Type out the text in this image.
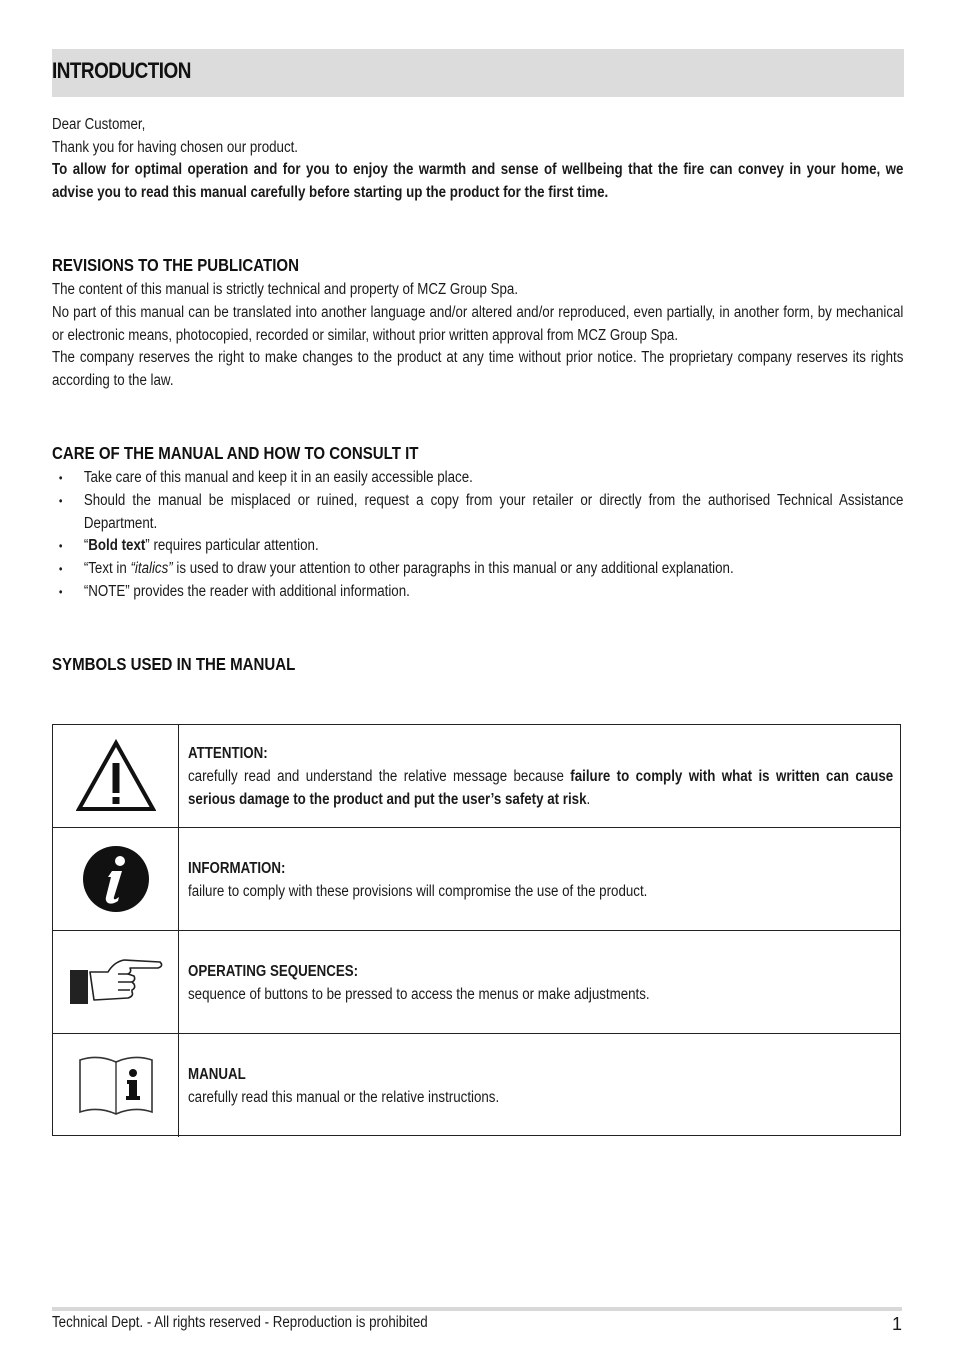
INTRODUCTION

Dear Customer,

Thank you for having chosen our product.

To allow for optimal operation and for you to enjoy the warmth and sense of wellbeing that the fire can convey in your home, we advise you to read this manual carefully before starting up the product for the first time.

REVISIONS TO THE PUBLICATION

The content of this manual is strictly technical and property of MCZ Group Spa.

No part of this manual can be translated into another language and/or altered and/or reproduced, even partially, in another form, by mechanical or electronic means, photocopied, recorded or similar, without prior written approval from MCZ Group Spa.

The company reserves the right to make changes to the product at any time without prior notice. The proprietary company reserves its rights according to the law.

CARE OF THE MANUAL AND HOW TO CONSULT IT
• Take care of this manual and keep it in an easily accessible place.
• Should the manual be misplaced or ruined, request a copy from your retailer or directly from the authorised Technical Assistance Department.
• “Bold text” requires particular attention.
• “Text in “italics” is used to draw your attention to other paragraphs in this manual or any additional explanation.
• “NOTE” provides the reader with additional information.
SYMBOLS USED IN THE MANUAL
ATTENTION:
carefully read and understand the relative message because failure to comply with what is written can cause serious damage to the product and put the user’s safety at risk.
INFORMATION:
failure to comply with these provisions will compromise the use of the product.
OPERATING SEQUENCES:
sequence of buttons to be pressed to access the menus or make adjustments.
MANUAL
carefully read this manual or the relative instructions.
Technical Dept. - All rights reserved - Reproduction is prohibited	1
